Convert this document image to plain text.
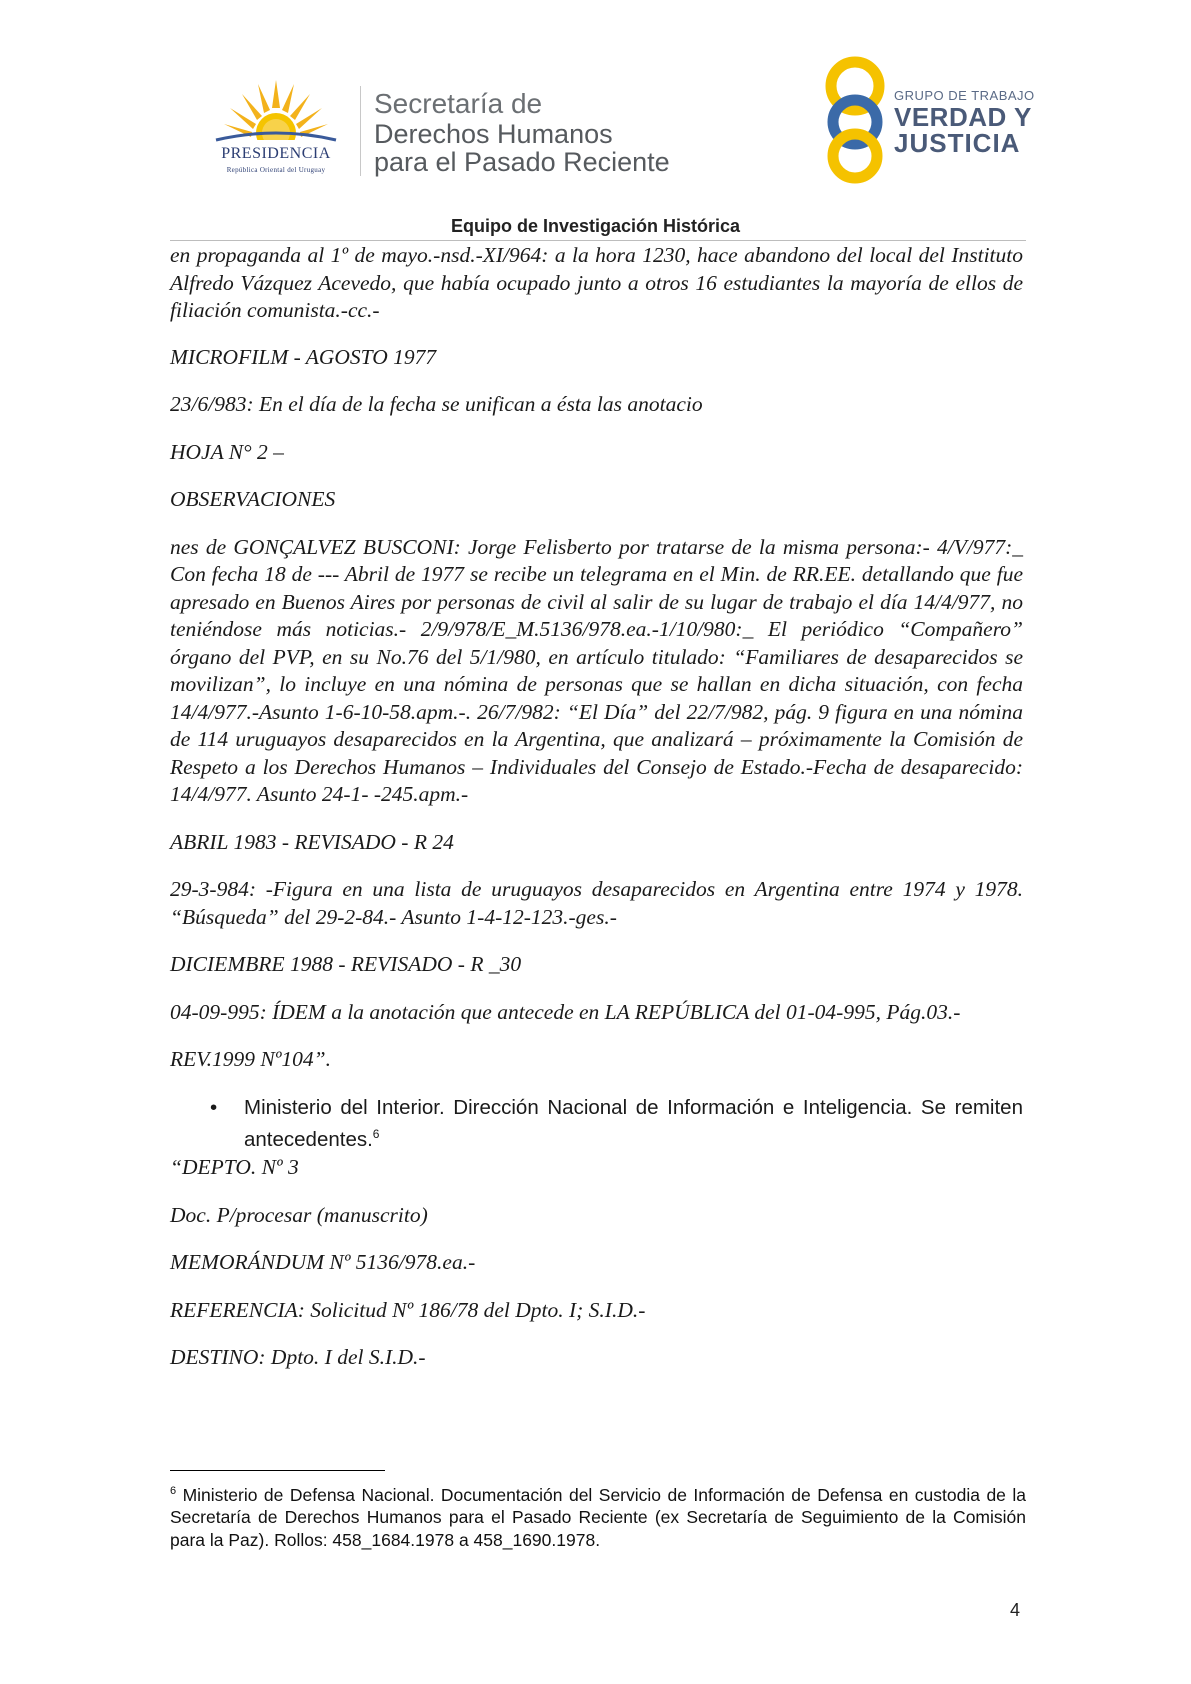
PRESIDENCIA
República Oriental del Uruguay
Secretaría de
Derechos Humanos
para el Pasado Reciente
GRUPO DE TRABAJO
VERDAD Y
JUSTICIA
Equipo de Investigación Histórica

en propaganda al 1º de mayo.-nsd.-XI/964: a la hora 1230, hace abandono del local del Instituto Alfredo Vázquez Acevedo, que había ocupado junto a otros 16 estudiantes la mayoría de ellos de filiación comunista.-cc.-

MICROFILM - AGOSTO 1977

23/6/983: En el día de la fecha se unifican a ésta las anotacio

HOJA N° 2 –

OBSERVACIONES

nes de GONÇALVEZ BUSCONI: Jorge Felisberto por tratarse de la misma persona:- 4/V/977:_ Con fecha 18 de --- Abril de 1977 se recibe un telegrama en el Min. de RR.EE. detallando que fue apresado en Buenos Aires por personas de civil al salir de su lugar de trabajo el día 14/4/977, no teniéndose más noticias.- 2/9/978/E_M.5136/978.ea.-1/10/980:_ El periódico “Compañero” órgano del PVP, en su No.76 del 5/1/980, en artículo titulado: “Familiares de desaparecidos se movilizan”, lo incluye en una nómina de personas que se hallan en dicha situación, con fecha 14/4/977.-Asunto 1-6-10-58.apm.-. 26/7/982: “El Día” del 22/7/982, pág. 9 figura en una nómina de 114 uruguayos desaparecidos en la Argentina, que analizará – próximamente la Comisión de Respeto a los Derechos Humanos – Individuales del Consejo de Estado.-Fecha de desaparecido: 14/4/977. Asunto 24-1- -245.apm.-

ABRIL 1983 - REVISADO - R 24

29-3-984: -Figura en una lista de uruguayos desaparecidos en Argentina entre 1974 y 1978. “Búsqueda” del 29-2-84.- Asunto 1-4-12-123.-ges.-

DICIEMBRE 1988 - REVISADO - R _30

04-09-995: ÍDEM a la anotación que antecede en LA REPÚBLICA del 01-04-995, Pág.03.-

REV.1999 Nº104”.

• Ministerio del Interior. Dirección Nacional de Información e Inteligencia. Se remiten antecedentes.$^6$

“DEPTO. Nº 3

Doc. P/procesar (manuscrito)

MEMORÁNDUM Nº 5136/978.ea.-

REFERENCIA: Solicitud Nº 186/78 del Dpto. I; S.I.D.-

DESTINO: Dpto. I del S.I.D.-

$^6$ Ministerio de Defensa Nacional. Documentación del Servicio de Información de Defensa en custodia de la Secretaría de Derechos Humanos para el Pasado Reciente (ex Secretaría de Seguimiento de la Comisión para la Paz). Rollos: 458_1684.1978 a 458_1690.1978.
4
